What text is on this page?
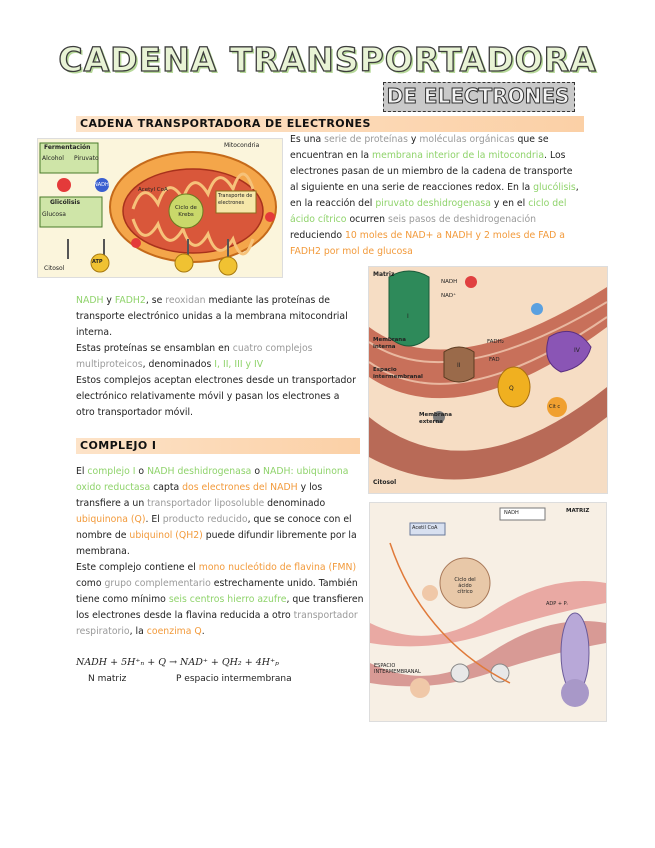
CADENA TRANSPORTADORA
DE ELECTRONES
CADENA TRANSPORTADORA DE ELECTRONES
Fermentación
Alcohol Piruvato
Glicólisis
Glucosa
Mitocondria
Ciclo de Krebs
Acetyl CoA
Transporte de electrones
Citosol
ATP
NADH
Es una serie de proteínas y moléculas orgánicas que se encuentran en la membrana interior de la mitocondria. Los electrones pasan de un miembro de la cadena de transporte al siguiente en una serie de reacciones redox. En la glucólisis, en la reacción del piruvato deshidrogenasa y en el ciclo del ácido cítrico ocurren seis pasos de deshidrogenación reduciendo 10 moles de NAD+ a NADH y 2 moles de FAD a FADH2 por mol de glucosa
Matriz
Membrana interna
Espacio intermembranal
Membrana externa
Citosol
NADH
NAD⁺
FAD
FADH₂
I
II
IV
Q
Cit c
NADH y FADH2, se reoxidan mediante las proteínas de transporte electrónico unidas a la membrana mitocondrial interna.
Estas proteínas se ensamblan en cuatro complejos multiproteicos, denominados I, II, III y IV
Estos complejos aceptan electrones desde un transportador electrónico relativamente móvil y pasan los electrones a otro transportador móvil.
COMPLEJO I
El complejo I o NADH deshidrogenasa o NADH: ubiquinona oxido reductasa capta dos electrones del NADH y los transfiere a un transportador liposoluble denominado ubiquinona (Q). El producto reducido, que se conoce con el nombre de ubiquinol (QH2) puede difundir libremente por la membrana.
Este complejo contiene el mono nucleótido de flavina (FMN) como grupo complementario estrechamente unido. También tiene como mínimo seis centros hierro azufre, que transfieren los electrones desde la flavina reducida a otro transportador respiratorio, la coenzima Q.
NADH + 5H⁺ₙ + Q → NAD⁺ + QH₂ + 4H⁺ₚ
N matriz	P espacio intermembrana
Ciclo del ácido cítrico
NADH
Acetil CoA
MATRIZ
ESPACIO INTERMEMBRANAL
ADP + Pᵢ
